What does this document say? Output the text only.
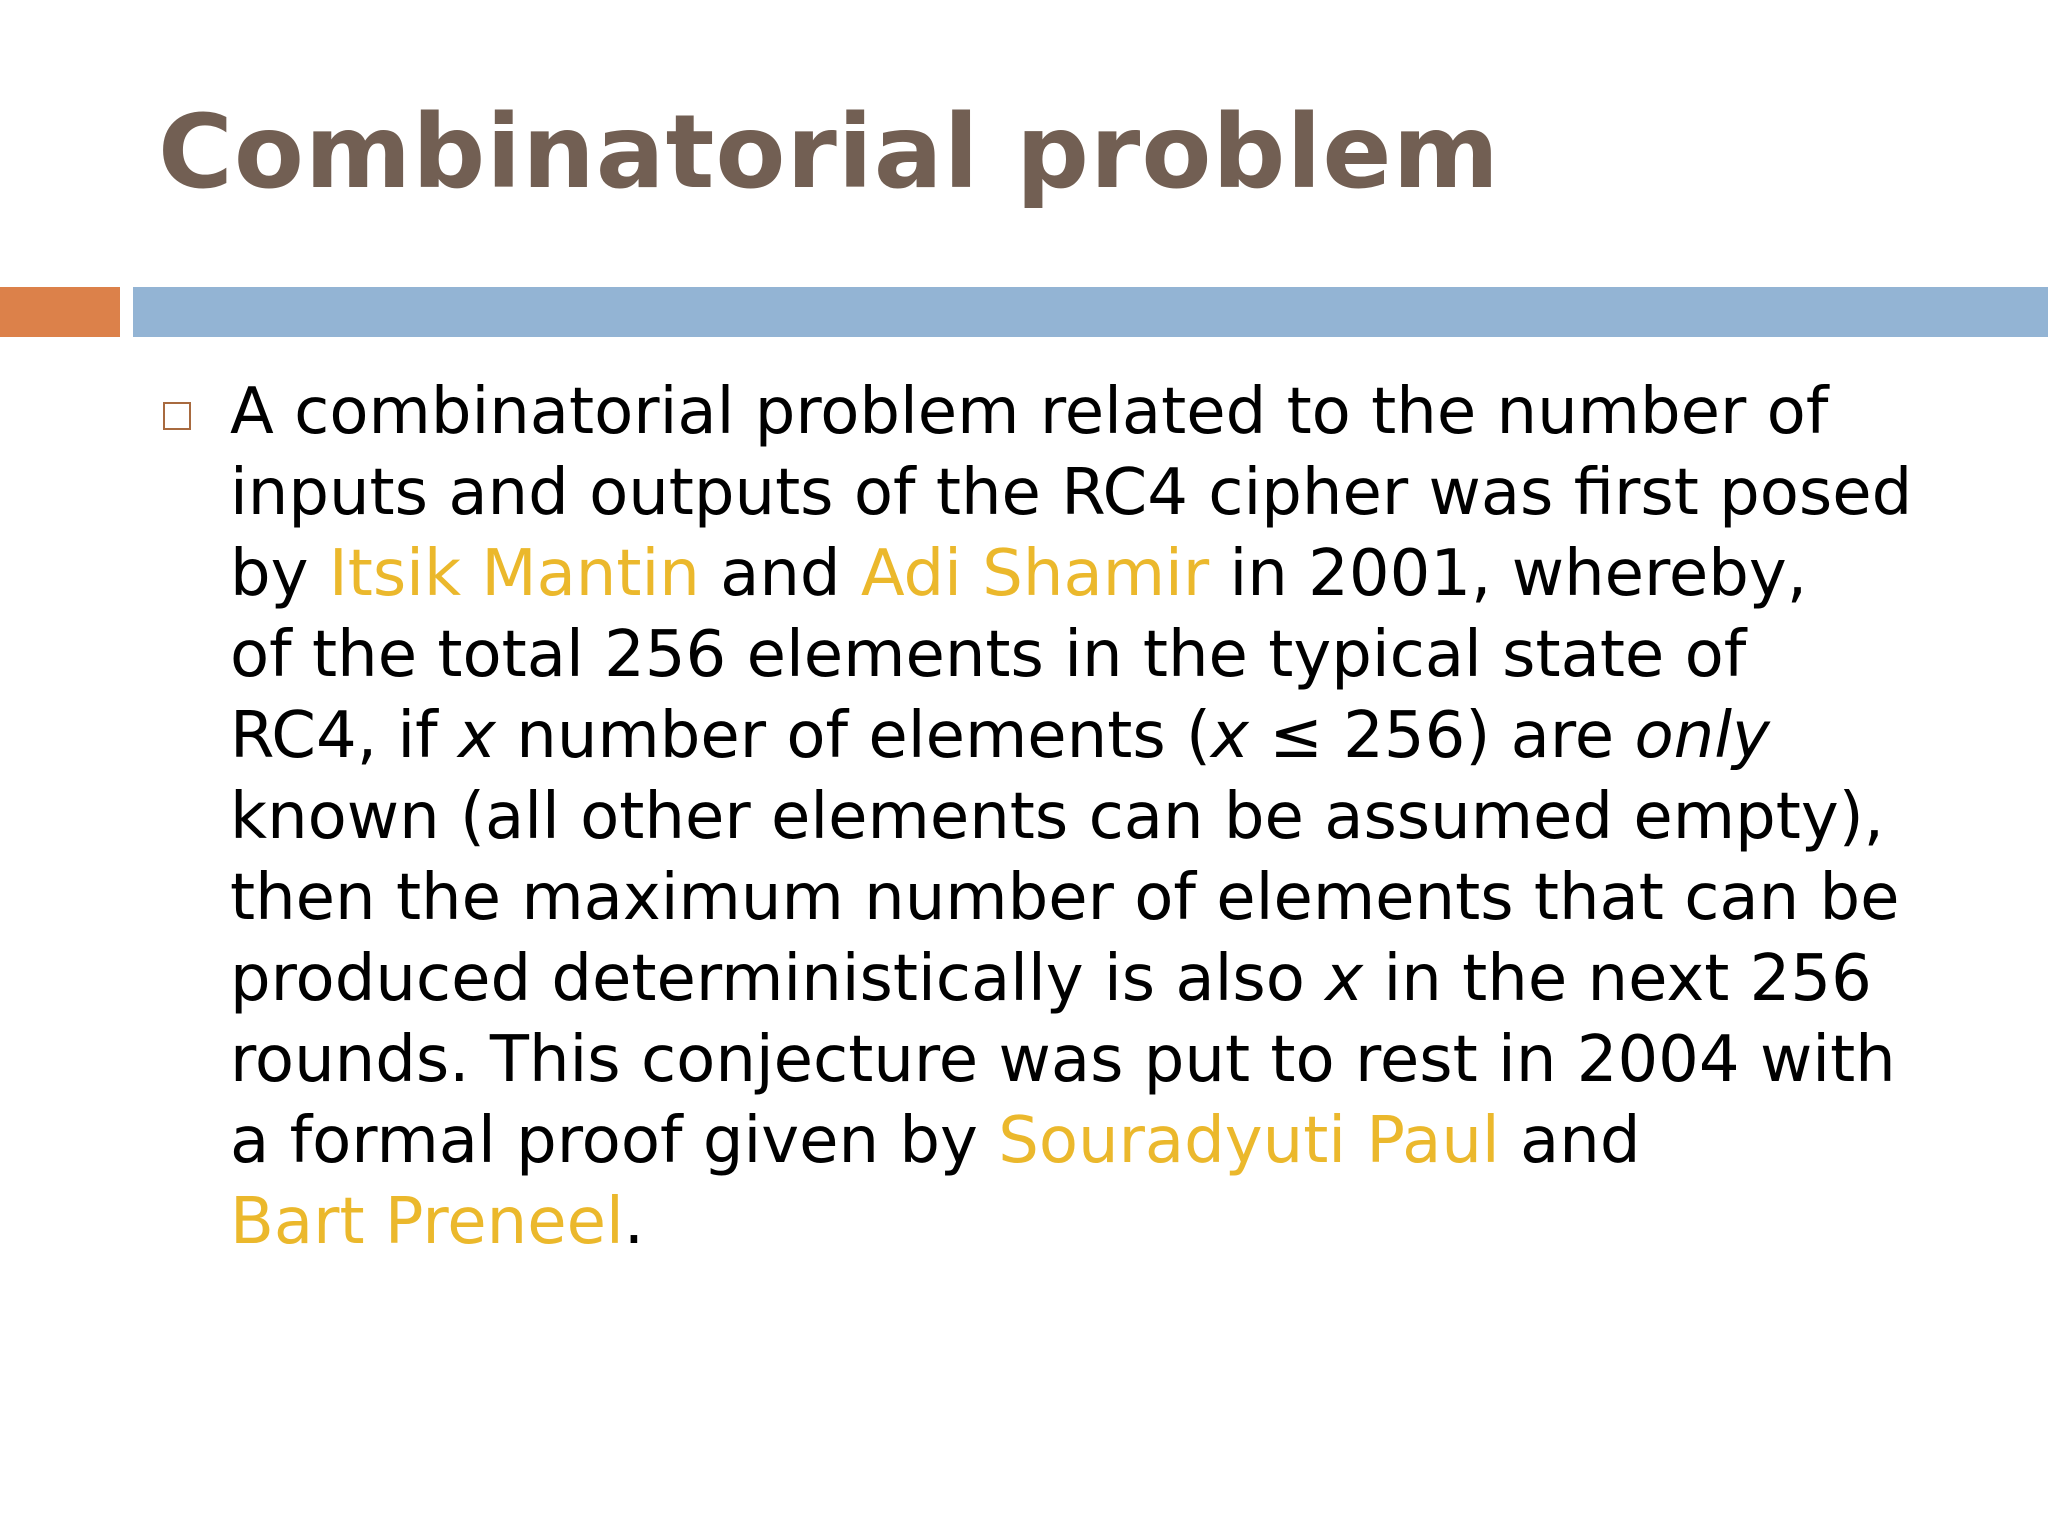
Combinatorial problem

A combinatorial problem related to the number of
inputs and outputs of the RC4 cipher was first posed
by Itsik Mantin and Adi Shamir in 2001, whereby,
of the total 256 elements in the typical state of
RC4, if x number of elements (x ≤ 256) are only
known (all other elements can be assumed empty),
then the maximum number of elements that can be
produced deterministically is also x in the next 256
rounds. This conjecture was put to rest in 2004 with
a formal proof given by Souradyuti Paul and
Bart Preneel.
